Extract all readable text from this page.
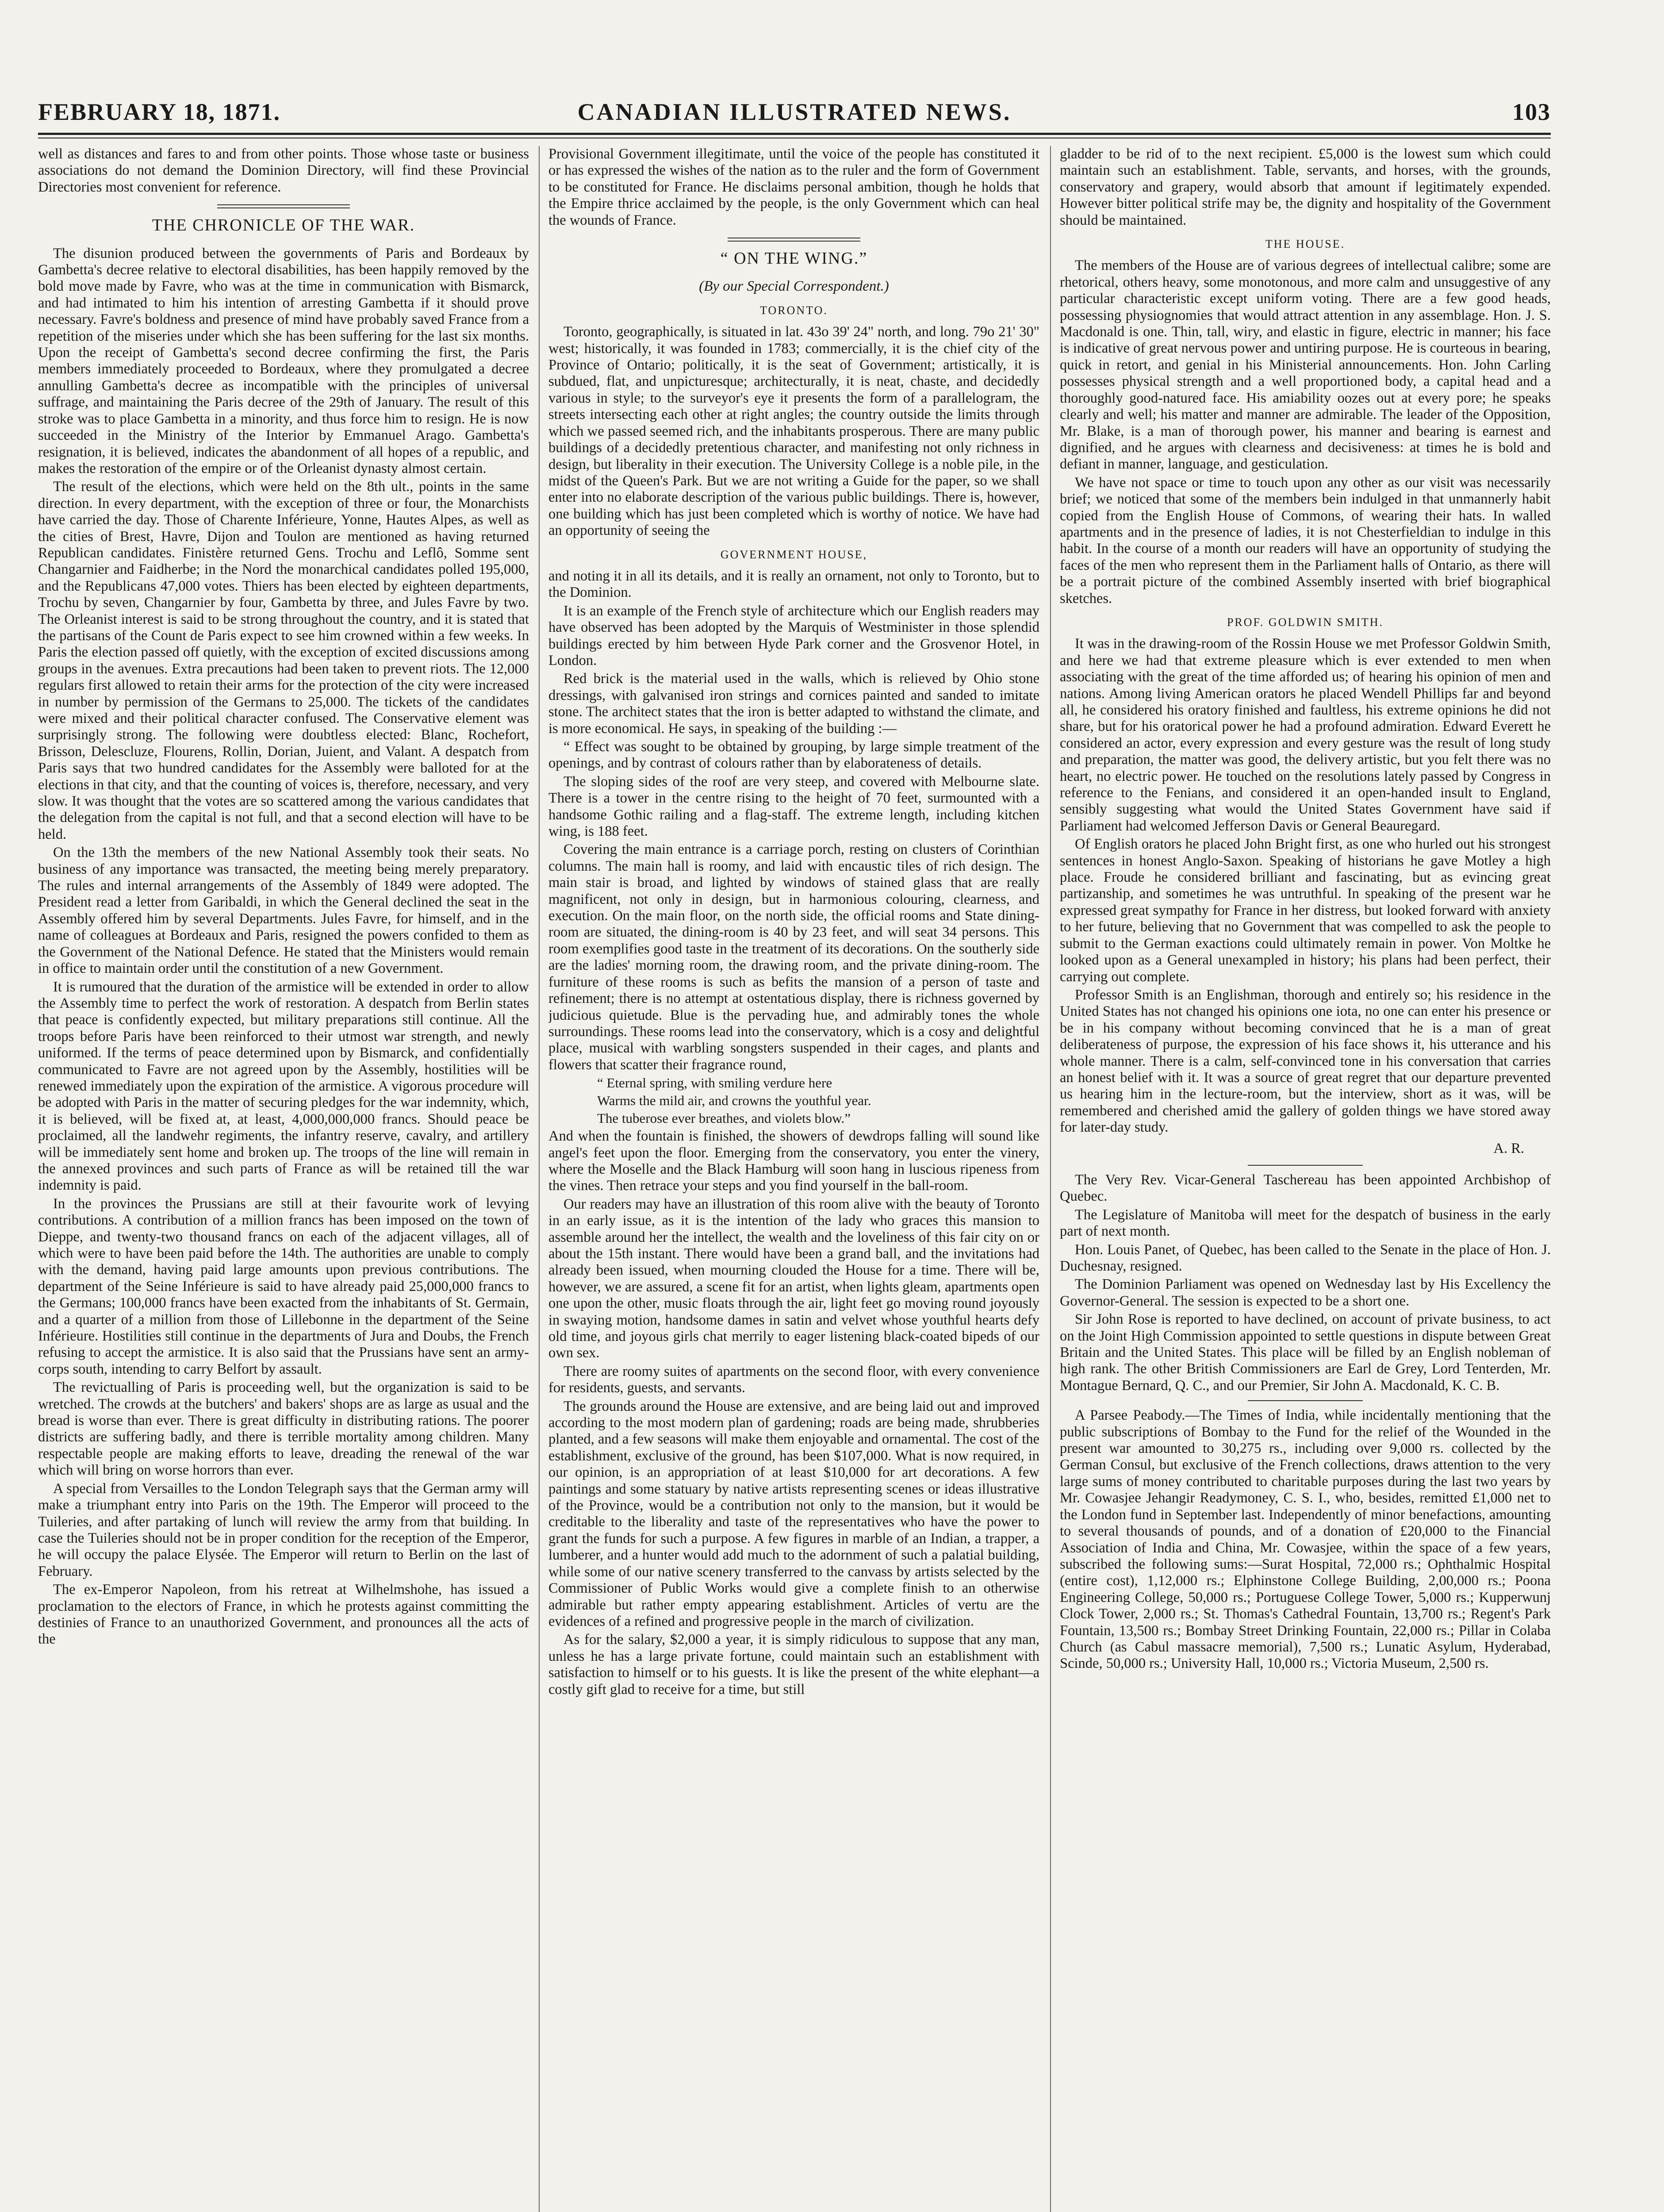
CANADIAN ILLUSTRATED NEWS.
FEBRUARY 18, 1871.	103

well as distances and fares to and from other points. Those whose taste or business associations do not demand the Dominion Directory, will find these Provincial Directories most convenient for reference.

THE CHRONICLE OF THE WAR.

The disunion produced between the governments of Paris and Bordeaux by Gambetta's decree relative to electoral disabilities, has been happily removed by the bold move made by Favre, who was at the time in communication with Bismarck, and had intimated to him his intention of arresting Gambetta if it should prove necessary. Favre's boldness and presence of mind have probably saved France from a repetition of the miseries under which she has been suffering for the last six months. Upon the receipt of Gambetta's second decree confirming the first, the Paris members immediately proceeded to Bordeaux, where they promulgated a decree annulling Gambetta's decree as incompatible with the principles of universal suffrage, and maintaining the Paris decree of the 29th of January. The result of this stroke was to place Gambetta in a minority, and thus force him to resign. He is now succeeded in the Ministry of the Interior by Emmanuel Arago. Gambetta's resignation, it is believed, indicates the abandonment of all hopes of a republic, and makes the restoration of the empire or of the Orleanist dynasty almost certain.

The result of the elections, which were held on the 8th ult., points in the same direction. In every department, with the exception of three or four, the Monarchists have carried the day. Those of Charente Inférieure, Yonne, Hautes Alpes, as well as the cities of Brest, Havre, Dijon and Toulon are mentioned as having returned Republican candidates. Finistère returned Gens. Trochu and Leflô, Somme sent Changarnier and Faidherbe; in the Nord the monarchical candidates polled 195,000, and the Republicans 47,000 votes. Thiers has been elected by eighteen departments, Trochu by seven, Changarnier by four, Gambetta by three, and Jules Favre by two. The Orleanist interest is said to be strong throughout the country, and it is stated that the partisans of the Count de Paris expect to see him crowned within a few weeks. In Paris the election passed off quietly, with the exception of excited discussions among groups in the avenues. Extra precautions had been taken to prevent riots. The 12,000 regulars first allowed to retain their arms for the protection of the city were increased in number by permission of the Germans to 25,000. The tickets of the candidates were mixed and their political character confused. The Conservative element was surprisingly strong. The following were doubtless elected: Blanc, Rochefort, Brisson, Delescluze, Flourens, Rollin, Dorian, Juient, and Valant. A despatch from Paris says that two hundred candidates for the Assembly were balloted for at the elections in that city, and that the counting of voices is, therefore, necessary, and very slow. It was thought that the votes are so scattered among the various candidates that the delegation from the capital is not full, and that a second election will have to be held.

On the 13th the members of the new National Assembly took their seats. No business of any importance was transacted, the meeting being merely preparatory. The rules and internal arrangements of the Assembly of 1849 were adopted. The President read a letter from Garibaldi, in which the General declined the seat in the Assembly offered him by several Departments. Jules Favre, for himself, and in the name of colleagues at Bordeaux and Paris, resigned the powers confided to them as the Government of the National Defence. He stated that the Ministers would remain in office to maintain order until the constitution of a new Government.

It is rumoured that the duration of the armistice will be extended in order to allow the Assembly time to perfect the work of restoration. A despatch from Berlin states that peace is confidently expected, but military preparations still continue. All the troops before Paris have been reinforced to their utmost war strength, and newly uniformed. If the terms of peace determined upon by Bismarck, and confidentially communicated to Favre are not agreed upon by the Assembly, hostilities will be renewed immediately upon the expiration of the armistice. A vigorous procedure will be adopted with Paris in the matter of securing pledges for the war indemnity, which, it is believed, will be fixed at, at least, 4,000,000,000 francs. Should peace be proclaimed, all the landwehr regiments, the infantry reserve, cavalry, and artillery will be immediately sent home and broken up. The troops of the line will remain in the annexed provinces and such parts of France as will be retained till the war indemnity is paid.

In the provinces the Prussians are still at their favourite work of levying contributions. A contribution of a million francs has been imposed on the town of Dieppe, and twenty-two thousand francs on each of the adjacent villages, all of which were to have been paid before the 14th. The authorities are unable to comply with the demand, having paid large amounts upon previous contributions. The department of the Seine Inférieure is said to have already paid 25,000,000 francs to the Germans; 100,000 francs have been exacted from the inhabitants of St. Germain, and a quarter of a million from those of Lillebonne in the department of the Seine Inférieure. Hostilities still continue in the departments of Jura and Doubs, the French refusing to accept the armistice. It is also said that the Prussians have sent an army-corps south, intending to carry Belfort by assault.

The revictualling of Paris is proceeding well, but the organization is said to be wretched. The crowds at the butchers' and bakers' shops are as large as usual and the bread is worse than ever. There is great difficulty in distributing rations. The poorer districts are suffering badly, and there is terrible mortality among children. Many respectable people are making efforts to leave, dreading the renewal of the war which will bring on worse horrors than ever.

A special from Versailles to the London Telegraph says that the German army will make a triumphant entry into Paris on the 19th. The Emperor will proceed to the Tuileries, and after partaking of lunch will review the army from that building. In case the Tuileries should not be in proper condition for the reception of the Emperor, he will occupy the palace Elysée. The Emperor will return to Berlin on the last of February.

The ex-Emperor Napoleon, from his retreat at Wilhelmshohe, has issued a proclamation to the electors of France, in which he protests against committing the destinies of France to an unauthorized Government, and pronounces all the acts of the

Provisional Government illegitimate, until the voice of the people has constituted it or has expressed the wishes of the nation as to the ruler and the form of Government to be constituted for France. He disclaims personal ambition, though he holds that the Empire thrice acclaimed by the people, is the only Government which can heal the wounds of France.

“ ON THE WING.”
(By our Special Correspondent.)
TORONTO.

Toronto, geographically, is situated in lat. 43o 39' 24" north, and long. 79o 21' 30" west; historically, it was founded in 1783; commercially, it is the chief city of the Province of Ontario; politically, it is the seat of Government; artistically, it is subdued, flat, and unpicturesque; architecturally, it is neat, chaste, and decidedly various in style; to the surveyor's eye it presents the form of a parallelogram, the streets intersecting each other at right angles; the country outside the limits through which we passed seemed rich, and the inhabitants prosperous. There are many public buildings of a decidedly pretentious character, and manifesting not only richness in design, but liberality in their execution. The University College is a noble pile, in the midst of the Queen's Park. But we are not writing a Guide for the paper, so we shall enter into no elaborate description of the various public buildings. There is, however, one building which has just been completed which is worthy of notice. We have had an opportunity of seeing the

GOVERNMENT HOUSE,

and noting it in all its details, and it is really an ornament, not only to Toronto, but to the Dominion.

It is an example of the French style of architecture which our English readers may have observed has been adopted by the Marquis of Westminister in those splendid buildings erected by him between Hyde Park corner and the Grosvenor Hotel, in London.

Red brick is the material used in the walls, which is relieved by Ohio stone dressings, with galvanised iron strings and cornices painted and sanded to imitate stone. The architect states that the iron is better adapted to withstand the climate, and is more economical. He says, in speaking of the building :—

“ Effect was sought to be obtained by grouping, by large simple treatment of the openings, and by contrast of colours rather than by elaborateness of details.

The sloping sides of the roof are very steep, and covered with Melbourne slate. There is a tower in the centre rising to the height of 70 feet, surmounted with a handsome Gothic railing and a flag-staff. The extreme length, including kitchen wing, is 188 feet.

Covering the main entrance is a carriage porch, resting on clusters of Corinthian columns. The main hall is roomy, and laid with encaustic tiles of rich design. The main stair is broad, and lighted by windows of stained glass that are really magnificent, not only in design, but in harmonious colouring, clearness, and execution. On the main floor, on the north side, the official rooms and State dining-room are situated, the dining-room is 40 by 23 feet, and will seat 34 persons. This room exemplifies good taste in the treatment of its decorations. On the southerly side are the ladies' morning room, the drawing room, and the private dining-room. The furniture of these rooms is such as befits the mansion of a person of taste and refinement; there is no attempt at ostentatious display, there is richness governed by judicious quietude. Blue is the pervading hue, and admirably tones the whole surroundings. These rooms lead into the conservatory, which is a cosy and delightful place, musical with warbling songsters suspended in their cages, and plants and flowers that scatter their fragrance round,

“ Eternal spring, with smiling verdure here

Warms the mild air, and crowns the youthful year.

The tuberose ever breathes, and violets blow.”

And when the fountain is finished, the showers of dewdrops falling will sound like angel's feet upon the floor. Emerging from the conservatory, you enter the vinery, where the Moselle and the Black Hamburg will soon hang in luscious ripeness from the vines. Then retrace your steps and you find yourself in the ball-room.

Our readers may have an illustration of this room alive with the beauty of Toronto in an early issue, as it is the intention of the lady who graces this mansion to assemble around her the intellect, the wealth and the loveliness of this fair city on or about the 15th instant. There would have been a grand ball, and the invitations had already been issued, when mourning clouded the House for a time. There will be, however, we are assured, a scene fit for an artist, when lights gleam, apartments open one upon the other, music floats through the air, light feet go moving round joyously in swaying motion, handsome dames in satin and velvet whose youthful hearts defy old time, and joyous girls chat merrily to eager listening black-coated bipeds of our own sex.

There are roomy suites of apartments on the second floor, with every convenience for residents, guests, and servants.

The grounds around the House are extensive, and are being laid out and improved according to the most modern plan of gardening; roads are being made, shrubberies planted, and a few seasons will make them enjoyable and ornamental. The cost of the establishment, exclusive of the ground, has been $107,000. What is now required, in our opinion, is an appropriation of at least $10,000 for art decorations. A few paintings and some statuary by native artists representing scenes or ideas illustrative of the Province, would be a contribution not only to the mansion, but it would be creditable to the liberality and taste of the representatives who have the power to grant the funds for such a purpose. A few figures in marble of an Indian, a trapper, a lumberer, and a hunter would add much to the adornment of such a palatial building, while some of our native scenery transferred to the canvass by artists selected by the Commissioner of Public Works would give a complete finish to an otherwise admirable but rather empty appearing establishment. Articles of vertu are the evidences of a refined and progressive people in the march of civilization.

As for the salary, $2,000 a year, it is simply ridiculous to suppose that any man, unless he has a large private fortune, could maintain such an establishment with satisfaction to himself or to his guests. It is like the present of the white elephant—a costly gift glad to receive for a time, but still

gladder to be rid of to the next recipient. £5,000 is the lowest sum which could maintain such an establishment. Table, servants, and horses, with the grounds, conservatory and grapery, would absorb that amount if legitimately expended. However bitter political strife may be, the dignity and hospitality of the Government should be maintained.

THE HOUSE.

The members of the House are of various degrees of intellectual calibre; some are rhetorical, others heavy, some monotonous, and more calm and unsuggestive of any particular characteristic except uniform voting. There are a few good heads, possessing physiognomies that would attract attention in any assemblage. Hon. J. S. Macdonald is one. Thin, tall, wiry, and elastic in figure, electric in manner; his face is indicative of great nervous power and untiring purpose. He is courteous in bearing, quick in retort, and genial in his Ministerial announcements. Hon. John Carling possesses physical strength and a well proportioned body, a capital head and a thoroughly good-natured face. His amiability oozes out at every pore; he speaks clearly and well; his matter and manner are admirable. The leader of the Opposition, Mr. Blake, is a man of thorough power, his manner and bearing is earnest and dignified, and he argues with clearness and decisiveness: at times he is bold and defiant in manner, language, and gesticulation.

We have not space or time to touch upon any other as our visit was necessarily brief; we noticed that some of the members bein indulged in that unmannerly habit copied from the English House of Commons, of wearing their hats. In walled apartments and in the presence of ladies, it is not Chesterfieldian to indulge in this habit. In the course of a month our readers will have an opportunity of studying the faces of the men who represent them in the Parliament halls of Ontario, as there will be a portrait picture of the combined Assembly inserted with brief biographical sketches.

PROF. GOLDWIN SMITH.

It was in the drawing-room of the Rossin House we met Professor Goldwin Smith, and here we had that extreme pleasure which is ever extended to men when associating with the great of the time afforded us; of hearing his opinion of men and nations. Among living American orators he placed Wendell Phillips far and beyond all, he considered his oratory finished and faultless, his extreme opinions he did not share, but for his oratorical power he had a profound admiration. Edward Everett he considered an actor, every expression and every gesture was the result of long study and preparation, the matter was good, the delivery artistic, but you felt there was no heart, no electric power. He touched on the resolutions lately passed by Congress in reference to the Fenians, and considered it an open-handed insult to England, sensibly suggesting what would the United States Government have said if Parliament had welcomed Jefferson Davis or General Beauregard.

Of English orators he placed John Bright first, as one who hurled out his strongest sentences in honest Anglo-Saxon. Speaking of historians he gave Motley a high place. Froude he considered brilliant and fascinating, but as evincing great partizanship, and sometimes he was untruthful. In speaking of the present war he expressed great sympathy for France in her distress, but looked forward with anxiety to her future, believing that no Government that was compelled to ask the people to submit to the German exactions could ultimately remain in power. Von Moltke he looked upon as a General unexampled in history; his plans had been perfect, their carrying out complete.

Professor Smith is an Englishman, thorough and entirely so; his residence in the United States has not changed his opinions one iota, no one can enter his presence or be in his company without becoming convinced that he is a man of great deliberateness of purpose, the expression of his face shows it, his utterance and his whole manner. There is a calm, self-convinced tone in his conversation that carries an honest belief with it. It was a source of great regret that our departure prevented us hearing him in the lecture-room, but the interview, short as it was, will be remembered and cherished amid the gallery of golden things we have stored away for later-day study.

A. R.

The Very Rev. Vicar-General Taschereau has been appointed Archbishop of Quebec.

The Legislature of Manitoba will meet for the despatch of business in the early part of next month.

Hon. Louis Panet, of Quebec, has been called to the Senate in the place of Hon. J. Duchesnay, resigned.

The Dominion Parliament was opened on Wednesday last by His Excellency the Governor-General. The session is expected to be a short one.

Sir John Rose is reported to have declined, on account of private business, to act on the Joint High Commission appointed to settle questions in dispute between Great Britain and the United States. This place will be filled by an English nobleman of high rank. The other British Commissioners are Earl de Grey, Lord Tenterden, Mr. Montague Bernard, Q. C., and our Premier, Sir John A. Macdonald, K. C. B.

A Parsee Peabody.—The Times of India, while incidentally mentioning that the public subscriptions of Bombay to the Fund for the relief of the Wounded in the present war amounted to 30,275 rs., including over 9,000 rs. collected by the German Consul, but exclusive of the French collections, draws attention to the very large sums of money contributed to charitable purposes during the last two years by Mr. Cowasjee Jehangir Readymoney, C. S. I., who, besides, remitted £1,000 net to the London fund in September last. Independently of minor benefactions, amounting to several thousands of pounds, and of a donation of £20,000 to the Financial Association of India and China, Mr. Cowasjee, within the space of a few years, subscribed the following sums:—Surat Hospital, 72,000 rs.; Ophthalmic Hospital (entire cost), 1,12,000 rs.; Elphinstone College Building, 2,00,000 rs.; Poona Engineering College, 50,000 rs.; Portuguese College Tower, 5,000 rs.; Kupperwunj Clock Tower, 2,000 rs.; St. Thomas's Cathedral Fountain, 13,700 rs.; Regent's Park Fountain, 13,500 rs.; Bombay Street Drinking Fountain, 22,000 rs.; Pillar in Colaba Church (as Cabul massacre memorial), 7,500 rs.; Lunatic Asylum, Hyderabad, Scinde, 50,000 rs.; University Hall, 10,000 rs.; Victoria Museum, 2,500 rs.
